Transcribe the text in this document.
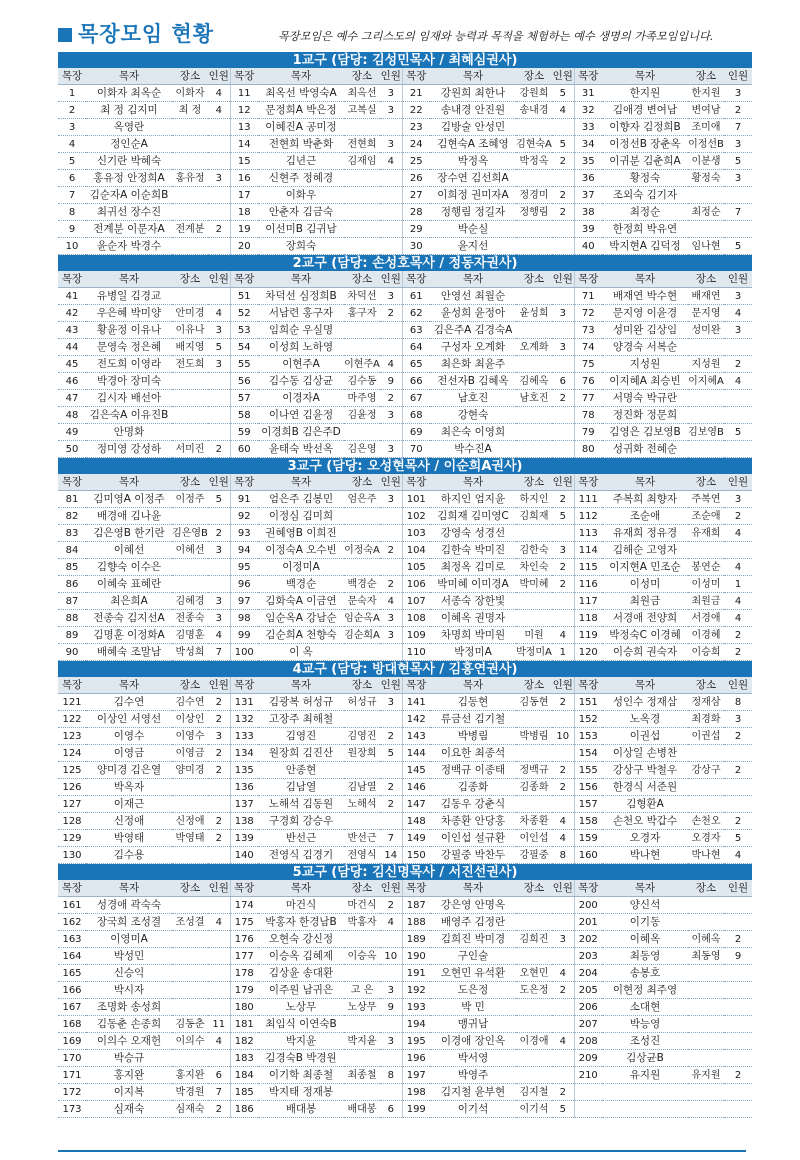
목장모임 현황	목장모임은 예수 그리스도의 임재와 능력과 목적을 체험하는 예수 생명의 가족모임입니다.
1교구 (담당: 김성민목사 / 최혜심권사)															
목장	목자	장소	인원	목장	목자	장소	인원	목장	목자	장소	인원	목장	목자	장소	인원
1	이화자 최옥순	이화자	4	11	최옥선 박영숙A	최옥선	3	21	강원희 최한나	강원희	5	31	한지원	한지원	3
2	최 정 김지미	최 정	4	12	문정희A 박은정	고복실	3	22	송내경 안진원	송내경	4	32	김애경 변여남	변여남	2
3	옥영란			13	이혜진A 공미정			23	김방술 안성민			33	이향자 김정희B	조미애	7
4	정인순A			14	전현희 박춘화	전현희	3	24	김현숙A 조혜영	김현숙A	5	34	이정선B 장춘옥	이정선B	3
5	신기란 박혜숙			15	김년근	김재임	4	25	박정옥	박정옥	2	35	이귀분 김춘희A	이분생	5
6	홍유정 안정희A	홍유정	3	16	신현주 정혜경			26	장수연 김선희A			36	황정숙	황정숙	3
7	김순자A 이순희B			17	이화우			27	이희정 권미자A	정경미	2	37	조외숙 김기자		
8	최귀선 장수진			18	안춘자 김금숙			28	정행림 정길자	정행림	2	38	최정순	최정순	7
9	전계분 이문자A	전계분	2	19	이선미B 김귀남			29	박순실			39	한정희 박유연		
10	윤순자 박경수			20	장희숙			30	윤지선			40	박지현A 김덕정	임나현	5
2교구 (담당: 손성호목사 / 정동자권사)															
목장	목자	장소	인원	목장	목자	장소	인원	목장	목자	장소	인원	목장	목자	장소	인원
41	유병일 김경교			51	차덕선 심정희B	차덕선	3	61	안영선 최월순			71	배재연 박수현	배재연	3
42	우은혜 박미양	안미경	4	52	서남련 홍구자	홍구자	2	62	윤성희 윤정아	윤성희	3	72	문지영 이윤경	문지영	4
43	황윤정 이유나	이유나	3	53	임희순 우실명			63	김은주A 김경숙A			73	성미완 김상임	성미완	3
44	문영숙 정은혜	배지영	5	54	이성희 노하영			64	구성자 오계화	오계화	3	74	양경숙 서복순		
45	전도희 이영라	전도희	3	55	이현주A	이현주A	4	65	최은화 최윤주			75	지성원	지성원	2
46	박경아 장미숙			56	김수동 김상균	김수동	9	66	전선자B 김혜옥	김혜옥	6	76	이지혜A 최승빈	이지혜A	4
47	김시자 배선아			57	이경자A	마주영	2	67	남호진	남호진	2	77	서명숙 박규란		
48	김은숙A 이유진B			58	이나연 김윤정	김윤정	3	68	강현숙			78	정진화 정문희		
49	안명화			59	이경희B 김은주D			69	최은숙 이영희			79	김영은 김보영B	김보영B	5
50	정미영 강성하	서미진	2	60	윤태숙 박선옥	김은영	3	70	박수진A			80	성귀화 전혜순		
3교구 (담당: 오성현목사 / 이순희A권사)															
목장	목자	장소	인원	목장	목자	장소	인원	목장	목자	장소	인원	목장	목자	장소	인원
81	김미영A 이정주	이정주	5	91	엄은주 김봉민	엄은주	3	101	하지인 엄지윤	하지인	2	111	주복희 최향자	주복연	3
82	배경애 김나윤			92	이정심 김미희			102	김희재 김미영C	김희재	5	112	조순애	조순애	2
83	김은영B 한기란	김은영B	2	93	권혜영B 이희진			103	강영숙 성경선			113	유재희 정유경	유재희	4
84	이혜선	이혜선	3	94	이정숙A 오수빈	이정숙A	2	104	김한숙 박미진	김한숙	3	114	김해순 고영자		
85	김향숙 이수은			95	이정미A			105	최정옥 김미로	차인숙	2	115	이지현A 민조순	봉연순	4
86	이혜숙 표혜란			96	백경순	백경순	2	106	박미혜 이미경A	박미혜	2	116	이성미	이성미	1
87	최은희A	김혜경	3	97	김화숙A 이금연	문숙자	4	107	서종숙 장한빛			117	최원금	최원금	4
88	전종숙 김지선A	전종숙	3	98	임순옥A 강남순	임순옥A	3	108	이혜옥 권명자			118	서경애 전양희	서경애	4
89	김명훈 이정화A	김명훈	4	99	김순희A 천향숙	김순희A	3	109	차명희 박미원	미원	4	119	박정숙C 이경혜	이경혜	2
90	배혜숙 조말남	박성희	7	100	이 옥			110	박정미A	박정미A	1	120	이승희 권숙자	이승희	2
4교구 (담당: 방대현목사 / 김홍연권사)															
목장	목자	장소	인원	목장	목자	장소	인원	목장	목자	장소	인원	목장	목자	장소	인원
121	김수연	김수연	2	131	김광복 허성규	허성규	3	141	김동현	김동현	2	151	성인수 정재삼	정재삼	8
122	이상인 서영선	이상인	2	132	고장주 최해철			142	류금선 김기철			152	노옥경	최경화	3
123	이영수	이영수	3	133	김영진	김영진	2	143	박병림	박병림	10	153	이권섭	이권섭	2
124	이영금	이영금	2	134	원장희 김진산	원장희	5	144	이요한 최종석			154	이상일 손병찬		
125	양미경 김은열	양미경	2	135	안종현			145	정백규 이종태	정백규	2	155	강상구 박철우	강상구	2
126	박옥자			136	김남열	김남열	2	146	김종화	김종화	2	156	한경식 서준원		
127	이재근			137	노해석 김동원	노해석	2	147	김동우 강춘식			157	김형환A		
128	신정애	신정애	2	138	구경회 강승우			148	차종환 안당홍	차종환	4	158	손천오 박갑수	손천오	2
129	박영태	박영태	2	139	반선근	반선근	7	149	이인섭 설규환	이인섭	4	159	오경자	오경자	5
130	김수용			140	전영식 김경기	전영식	14	150	강필중 박찬두	강필중	8	160	박나현	박나현	4
5교구 (담당: 김신명목사 / 서진선권사)															
목장	목자	장소	인원	목장	목자	장소	인원	목장	목자	장소	인원	목장	목자	장소	인원
161	성경애 곽숙숙			174	마건식	마건식	2	187	강은영 안명옥			200	양신석		
162	장국희 조성결	조성결	4	175	박홍자 한경남B	박홍자	4	188	배영주 김정란			201	이기동		
163	이영미A			176	오현숙 강신정			189	김희진 박미경	김희진	3	202	이혜옥	이혜옥	2
164	박성민			177	이승옥 김혜제	이승옥	10	190	구인술			203	최동영	최동영	9
165	신승익			178	김상윤 송대환			191	오현민 유석환	오현민	4	204	송봉호		
166	박시자			179	이주원 남귀은	고 은	3	192	도은정	도은정	2	205	이현정 최주영		
167	조명화 송성희			180	노상무	노상무	9	193	박 민			206	소대현		
168	김동춘 손종희	김동춘	11	181	최임식 이연숙B			194	맹귀남			207	박능영		
169	이의수 오재헌	이의수	4	182	박지윤	박지윤	3	195	이경애 장인옥	이경애	4	208	조성진		
170	박승규			183	김경숙B 박경원			196	박서영			209	김상균B		
171	홍지완	홍지완	6	184	이기학 최종철	최종철	8	197	박영주			210	유지원	유지원	2
172	이지복	박경원	7	185	박지태 정재봉			198	김지철 윤부현	김지철	2				
173	심재숙	심재숙	2	186	배대봉	배대봉	6	199	이기석	이기석	5				
